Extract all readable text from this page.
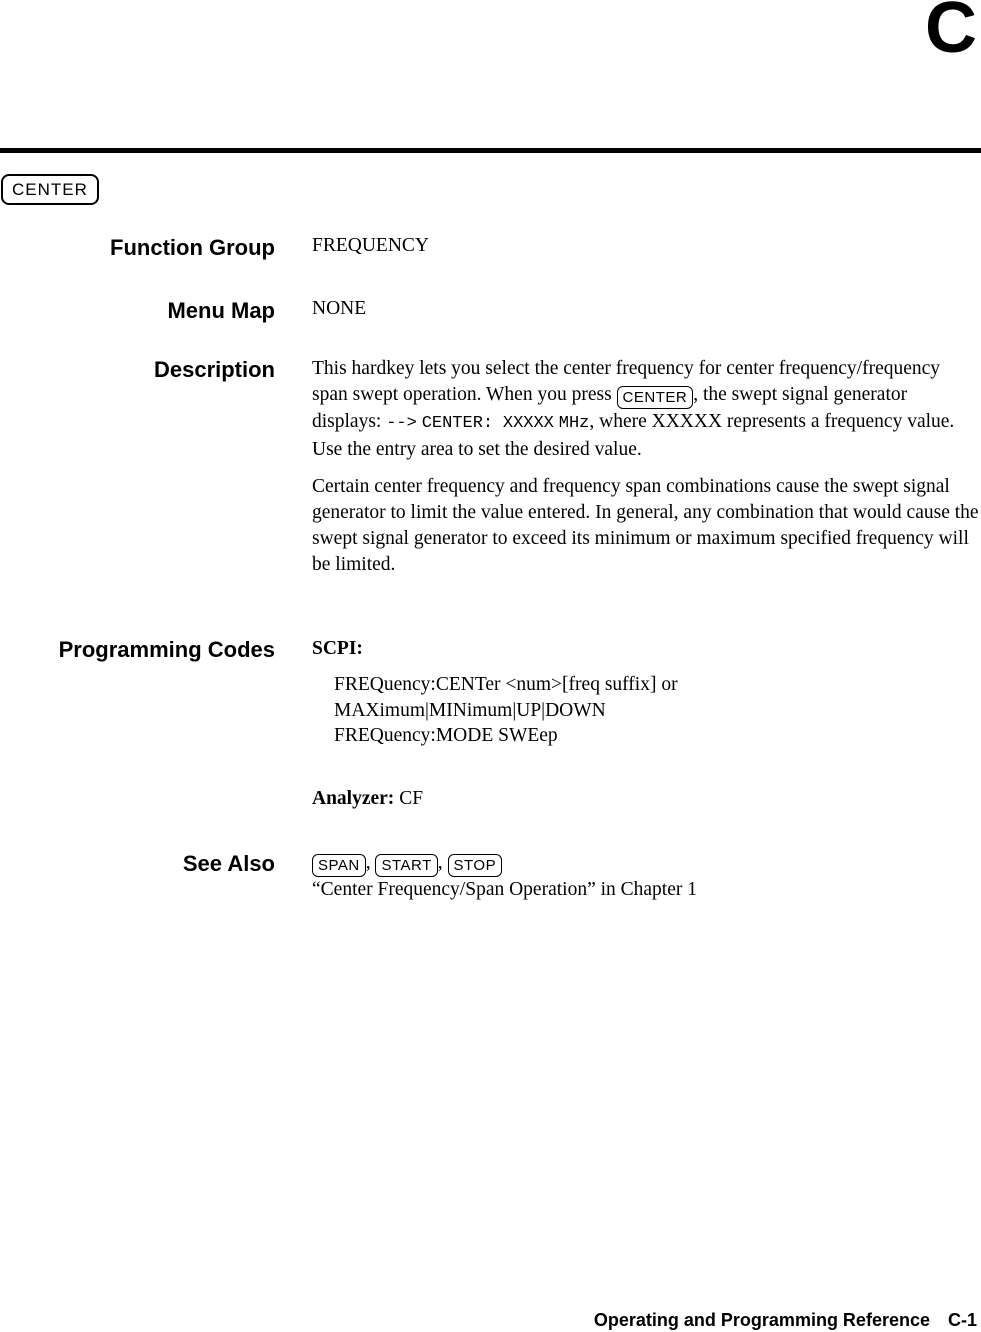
C
CENTER
Function Group FREQUENCY

Menu Map NONE

Description This hardkey lets you select the center frequency for center frequency/frequency span swept operation. When you press CENTER , the swept signal generator displays: --> CENTER: XXXXX MHz, where XXXXX represents a frequency value. Use the entry area to set the desired value.

Certain center frequency and frequency span combinations cause the swept signal generator to limit the value entered. In general, any combination that would cause the swept signal generator to exceed its minimum or maximum specified frequency will be limited.

Programming Codes SCPI:

FREQuency:CENTer <num>[freq suffix] or

MAXimum|MINimum|UP|DOWN

FREQuency:MODE SWEep

Analyzer: CF

See Also	SPAN , START , STOP

“Center Frequency/Span Operation” in Chapter 1

Operating and Programming Reference C-1
